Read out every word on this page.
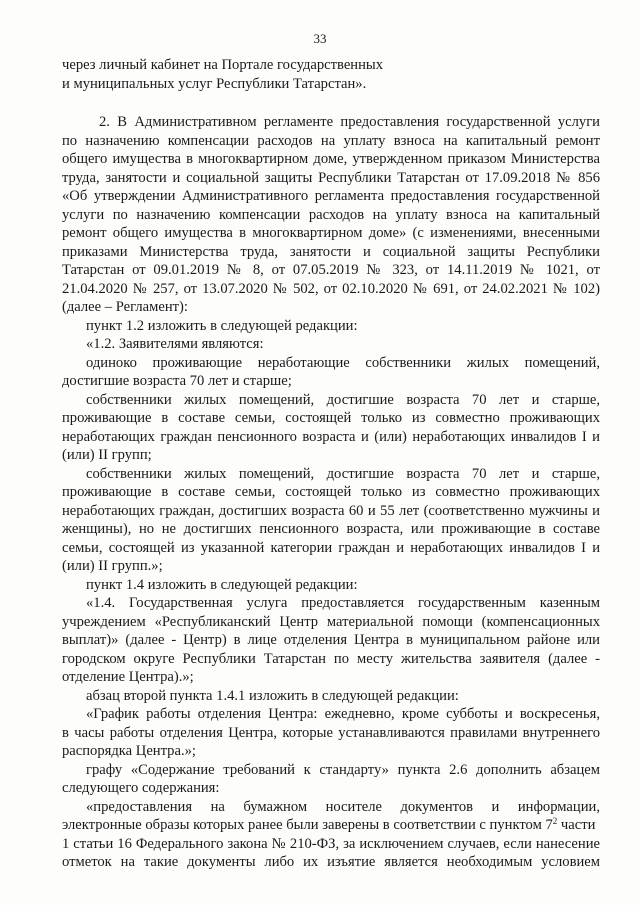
33
через личный кабинет на Портале государственных
и муниципальных услуг Республики Татарстан».
2. В Административном регламенте предоставления государственной услуги
по назначению компенсации расходов на уплату взноса на капитальный ремонт
общего имущества в многоквартирном доме, утвержденном приказом Министерства
труда, занятости и социальной защиты Республики Татарстан от 17.09.2018 № 856
«Об утверждении Административного регламента предоставления государственной
услуги по назначению компенсации расходов на уплату взноса на капитальный
ремонт общего имущества в многоквартирном доме» (с изменениями, внесенными
приказами Министерства труда, занятости и социальной защиты Республики
Татарстан от 09.01.2019 № 8, от 07.05.2019 № 323, от 14.11.2019 № 1021, от
21.04.2020 № 257, от 13.07.2020 № 502, от 02.10.2020 № 691, от 24.02.2021 № 102)
(далее – Регламент):
пункт 1.2 изложить в следующей редакции:
«1.2. Заявителями являются:
одиноко проживающие неработающие собственники жилых помещений,
достигшие возраста 70 лет и старше;
собственники жилых помещений, достигшие возраста 70 лет и старше,
проживающие в составе семьи, состоящей только из совместно проживающих
неработающих граждан пенсионного возраста и (или) неработающих инвалидов I и
(или) II групп;
собственники жилых помещений, достигшие возраста 70 лет и старше,
проживающие в составе семьи, состоящей только из совместно проживающих
неработающих граждан, достигших возраста 60 и 55 лет (соответственно мужчины и
женщины), но не достигших пенсионного возраста, или проживающие в составе
семьи, состоящей из указанной категории граждан и неработающих инвалидов I и
(или) II групп.»;
пункт 1.4 изложить в следующей редакции:
«1.4. Государственная услуга предоставляется государственным казенным
учреждением «Республиканский Центр материальной помощи (компенсационных
выплат)» (далее - Центр) в лице отделения Центра в муниципальном районе или
городском округе Республики Татарстан по месту жительства заявителя (далее -
отделение Центра).»;
абзац второй пункта 1.4.1 изложить в следующей редакции:
«График работы отделения Центра: ежедневно, кроме субботы и воскресенья,
в часы работы отделения Центра, которые устанавливаются правилами внутреннего
распорядка Центра.»;
графу «Содержание требований к стандарту» пункта 2.6 дополнить абзацем
следующего содержания:
«предоставления на бумажном носителе документов и информации,
электронные образы которых ранее были заверены в соответствии с пунктом $7^2$ части
1 статьи 16 Федерального закона № 210-ФЗ, за исключением случаев, если нанесение
отметок на такие документы либо их изъятие является необходимым условием
